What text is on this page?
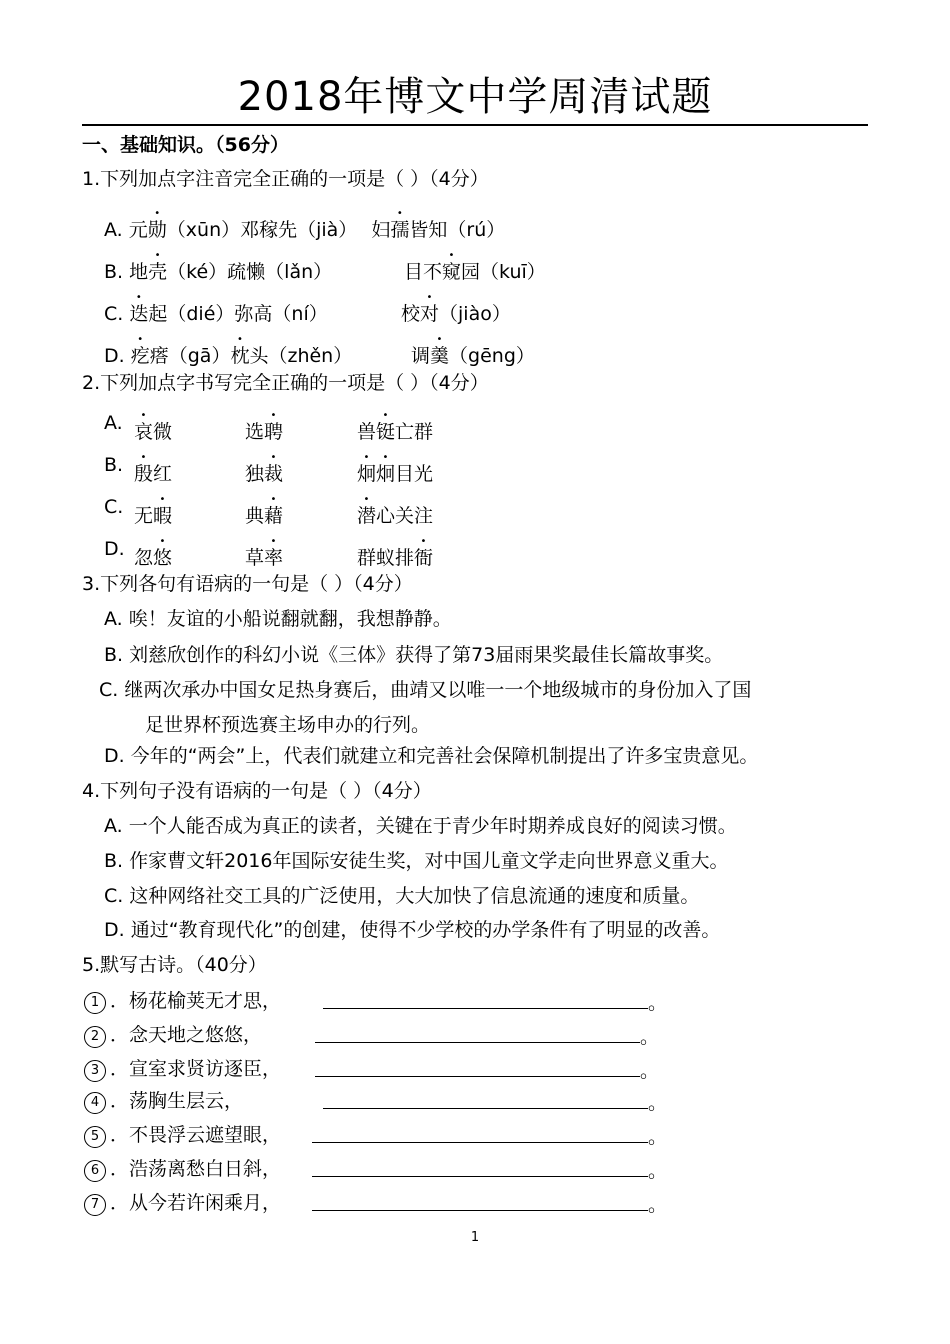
2018年博文中学周清试题
一、基础知识。（56分）
1.下列加点字注音完全正确的一项是（ ）（4分）
A. 元勋（xūn）邓稼先（jià） 妇孺皆知（rú）
B. 地壳（ké）疏懒（lǎn）	目不窥园（kuī）
C. 迭起（dié）弥高（ní）	校对（jiào）
D. 疙瘩（gā）枕头（zhěn）	调羹（gēng）
2.下列加点字书写完全正确的一项是（ ）（4分）
A. 哀微	选聘	兽铤亡群
B. 殷红	独裁	炯炯目光
C. 无暇	典藉	潜心关注
D. 忽悠	草率	群蚁排衙
3.下列各句有语病的一句是（ ）（4分）
A. 唉！友谊的小船说翻就翻，我想静静。
B. 刘慈欣创作的科幻小说《三体》获得了第73届雨果奖最佳长篇故事奖。
C. 继两次承办中国女足热身赛后，曲靖又以唯一一个地级城市的身份加入了国
足世界杯预选赛主场申办的行列。
D. 今年的“两会”上，代表们就建立和完善社会保障机制提出了许多宝贵意见。
4.下列句子没有语病的一句是（ ）（4分）
A. 一个人能否成为真正的读者，关键在于青少年时期养成良好的阅读习惯。
B. 作家曹文轩2016年国际安徒生奖，对中国儿童文学走向世界意义重大。
C. 这种网络社交工具的广泛使用，大大加快了信息流通的速度和质量。
D. 通过“教育现代化”的创建，使得不少学校的办学条件有了明显的改善。
5.默写古诗。（40分）
1 ．杨花榆荚无才思，	。
2 ．念天地之悠悠，	。
3 ．宣室求贤访逐臣，	。
4 ．荡胸生层云，	。
5 ．不畏浮云遮望眼，	。
6 ．浩荡离愁白日斜，	。
7 ．从今若许闲乘月，	。
1
